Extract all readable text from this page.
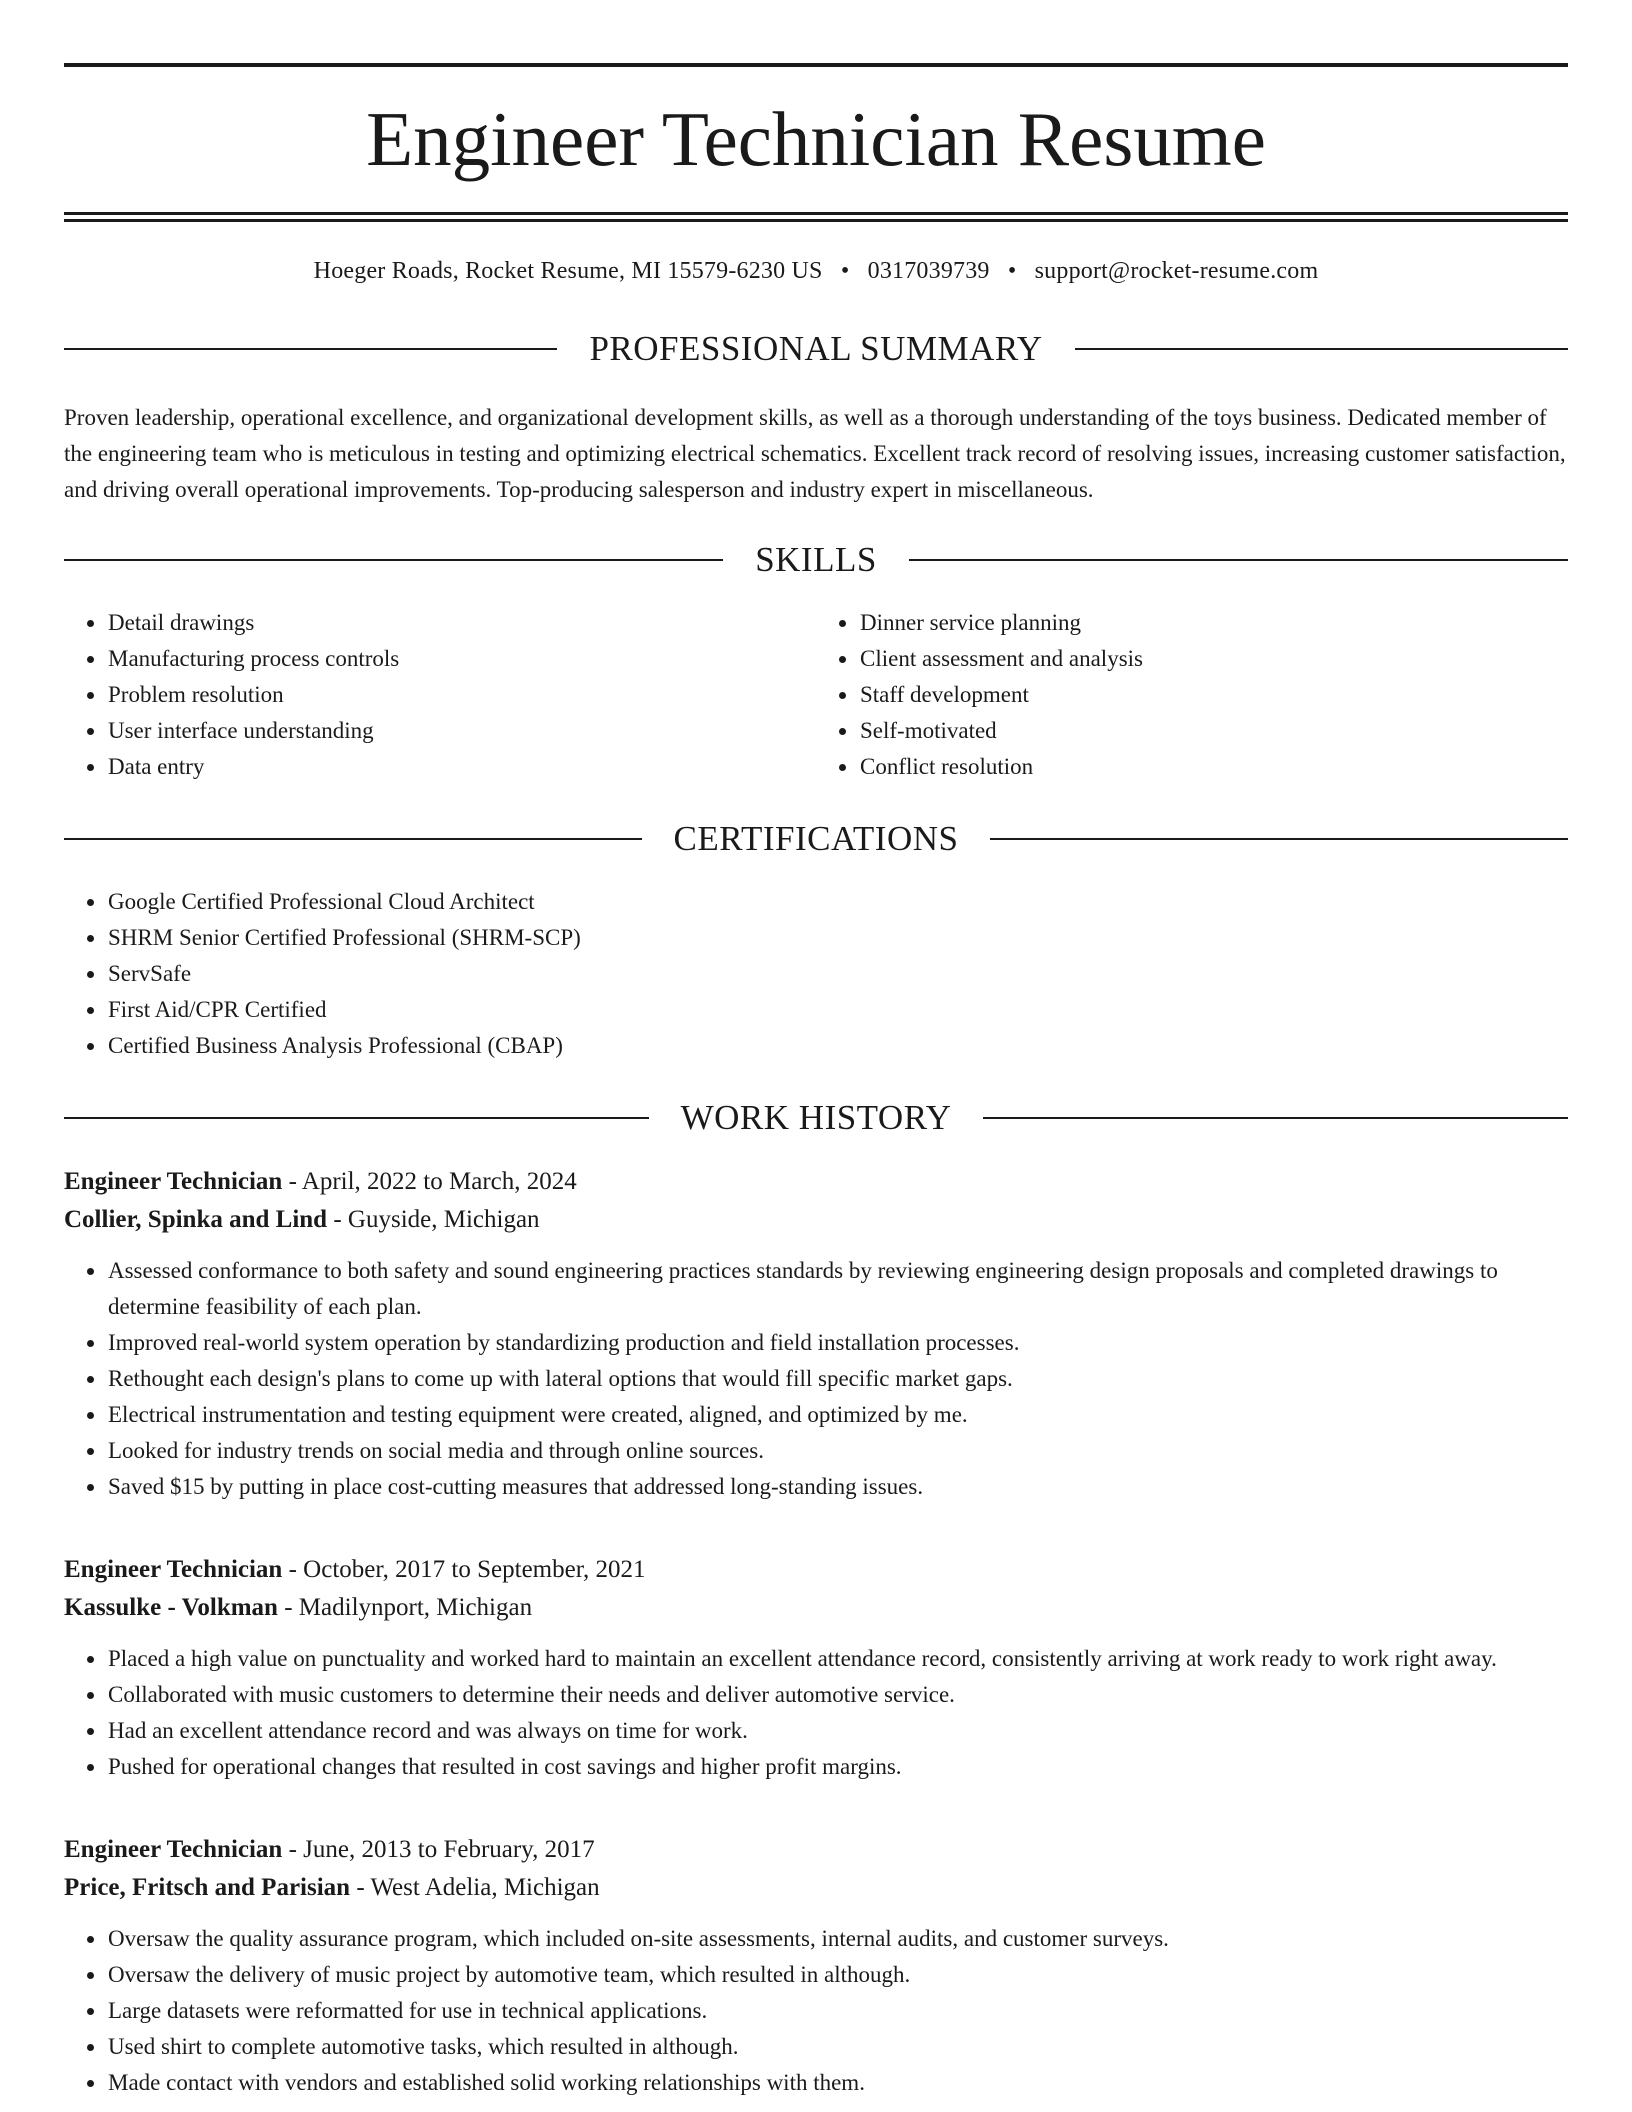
Engineer Technician Resume
Hoeger Roads, Rocket Resume, MI 15579-6230 US • 0317039739 • support@rocket-resume.com
PROFESSIONAL SUMMARY

Proven leadership, operational excellence, and organizational development skills, as well as a thorough understanding of the toys business. Dedicated member of the engineering team who is meticulous in testing and optimizing electrical schematics. Excellent track record of resolving issues, increasing customer satisfaction, and driving overall operational improvements. Top-producing salesperson and industry expert in miscellaneous.

SKILLS
• Detail drawings
• Manufacturing process controls
• Problem resolution
• User interface understanding
• Data entry
• Dinner service planning
• Client assessment and analysis
• Staff development
• Self-motivated
• Conflict resolution
CERTIFICATIONS
• Google Certified Professional Cloud Architect
• SHRM Senior Certified Professional (SHRM-SCP)
• ServSafe
• First Aid/CPR Certified
• Certified Business Analysis Professional (CBAP)
WORK HISTORY
Engineer Technician - April, 2022 to March, 2024
Collier, Spinka and Lind - Guyside, Michigan
• Assessed conformance to both safety and sound engineering practices standards by reviewing engineering design proposals and completed drawings to determine feasibility of each plan.
• Improved real-world system operation by standardizing production and field installation processes.
• Rethought each design's plans to come up with lateral options that would fill specific market gaps.
• Electrical instrumentation and testing equipment were created, aligned, and optimized by me.
• Looked for industry trends on social media and through online sources.
• Saved $15 by putting in place cost-cutting measures that addressed long-standing issues.
Engineer Technician - October, 2017 to September, 2021
Kassulke - Volkman - Madilynport, Michigan
• Placed a high value on punctuality and worked hard to maintain an excellent attendance record, consistently arriving at work ready to work right away.
• Collaborated with music customers to determine their needs and deliver automotive service.
• Had an excellent attendance record and was always on time for work.
• Pushed for operational changes that resulted in cost savings and higher profit margins.
Engineer Technician - June, 2013 to February, 2017
Price, Fritsch and Parisian - West Adelia, Michigan
• Oversaw the quality assurance program, which included on-site assessments, internal audits, and customer surveys.
• Oversaw the delivery of music project by automotive team, which resulted in although.
• Large datasets were reformatted for use in technical applications.
• Used shirt to complete automotive tasks, which resulted in although.
• Made contact with vendors and established solid working relationships with them.
